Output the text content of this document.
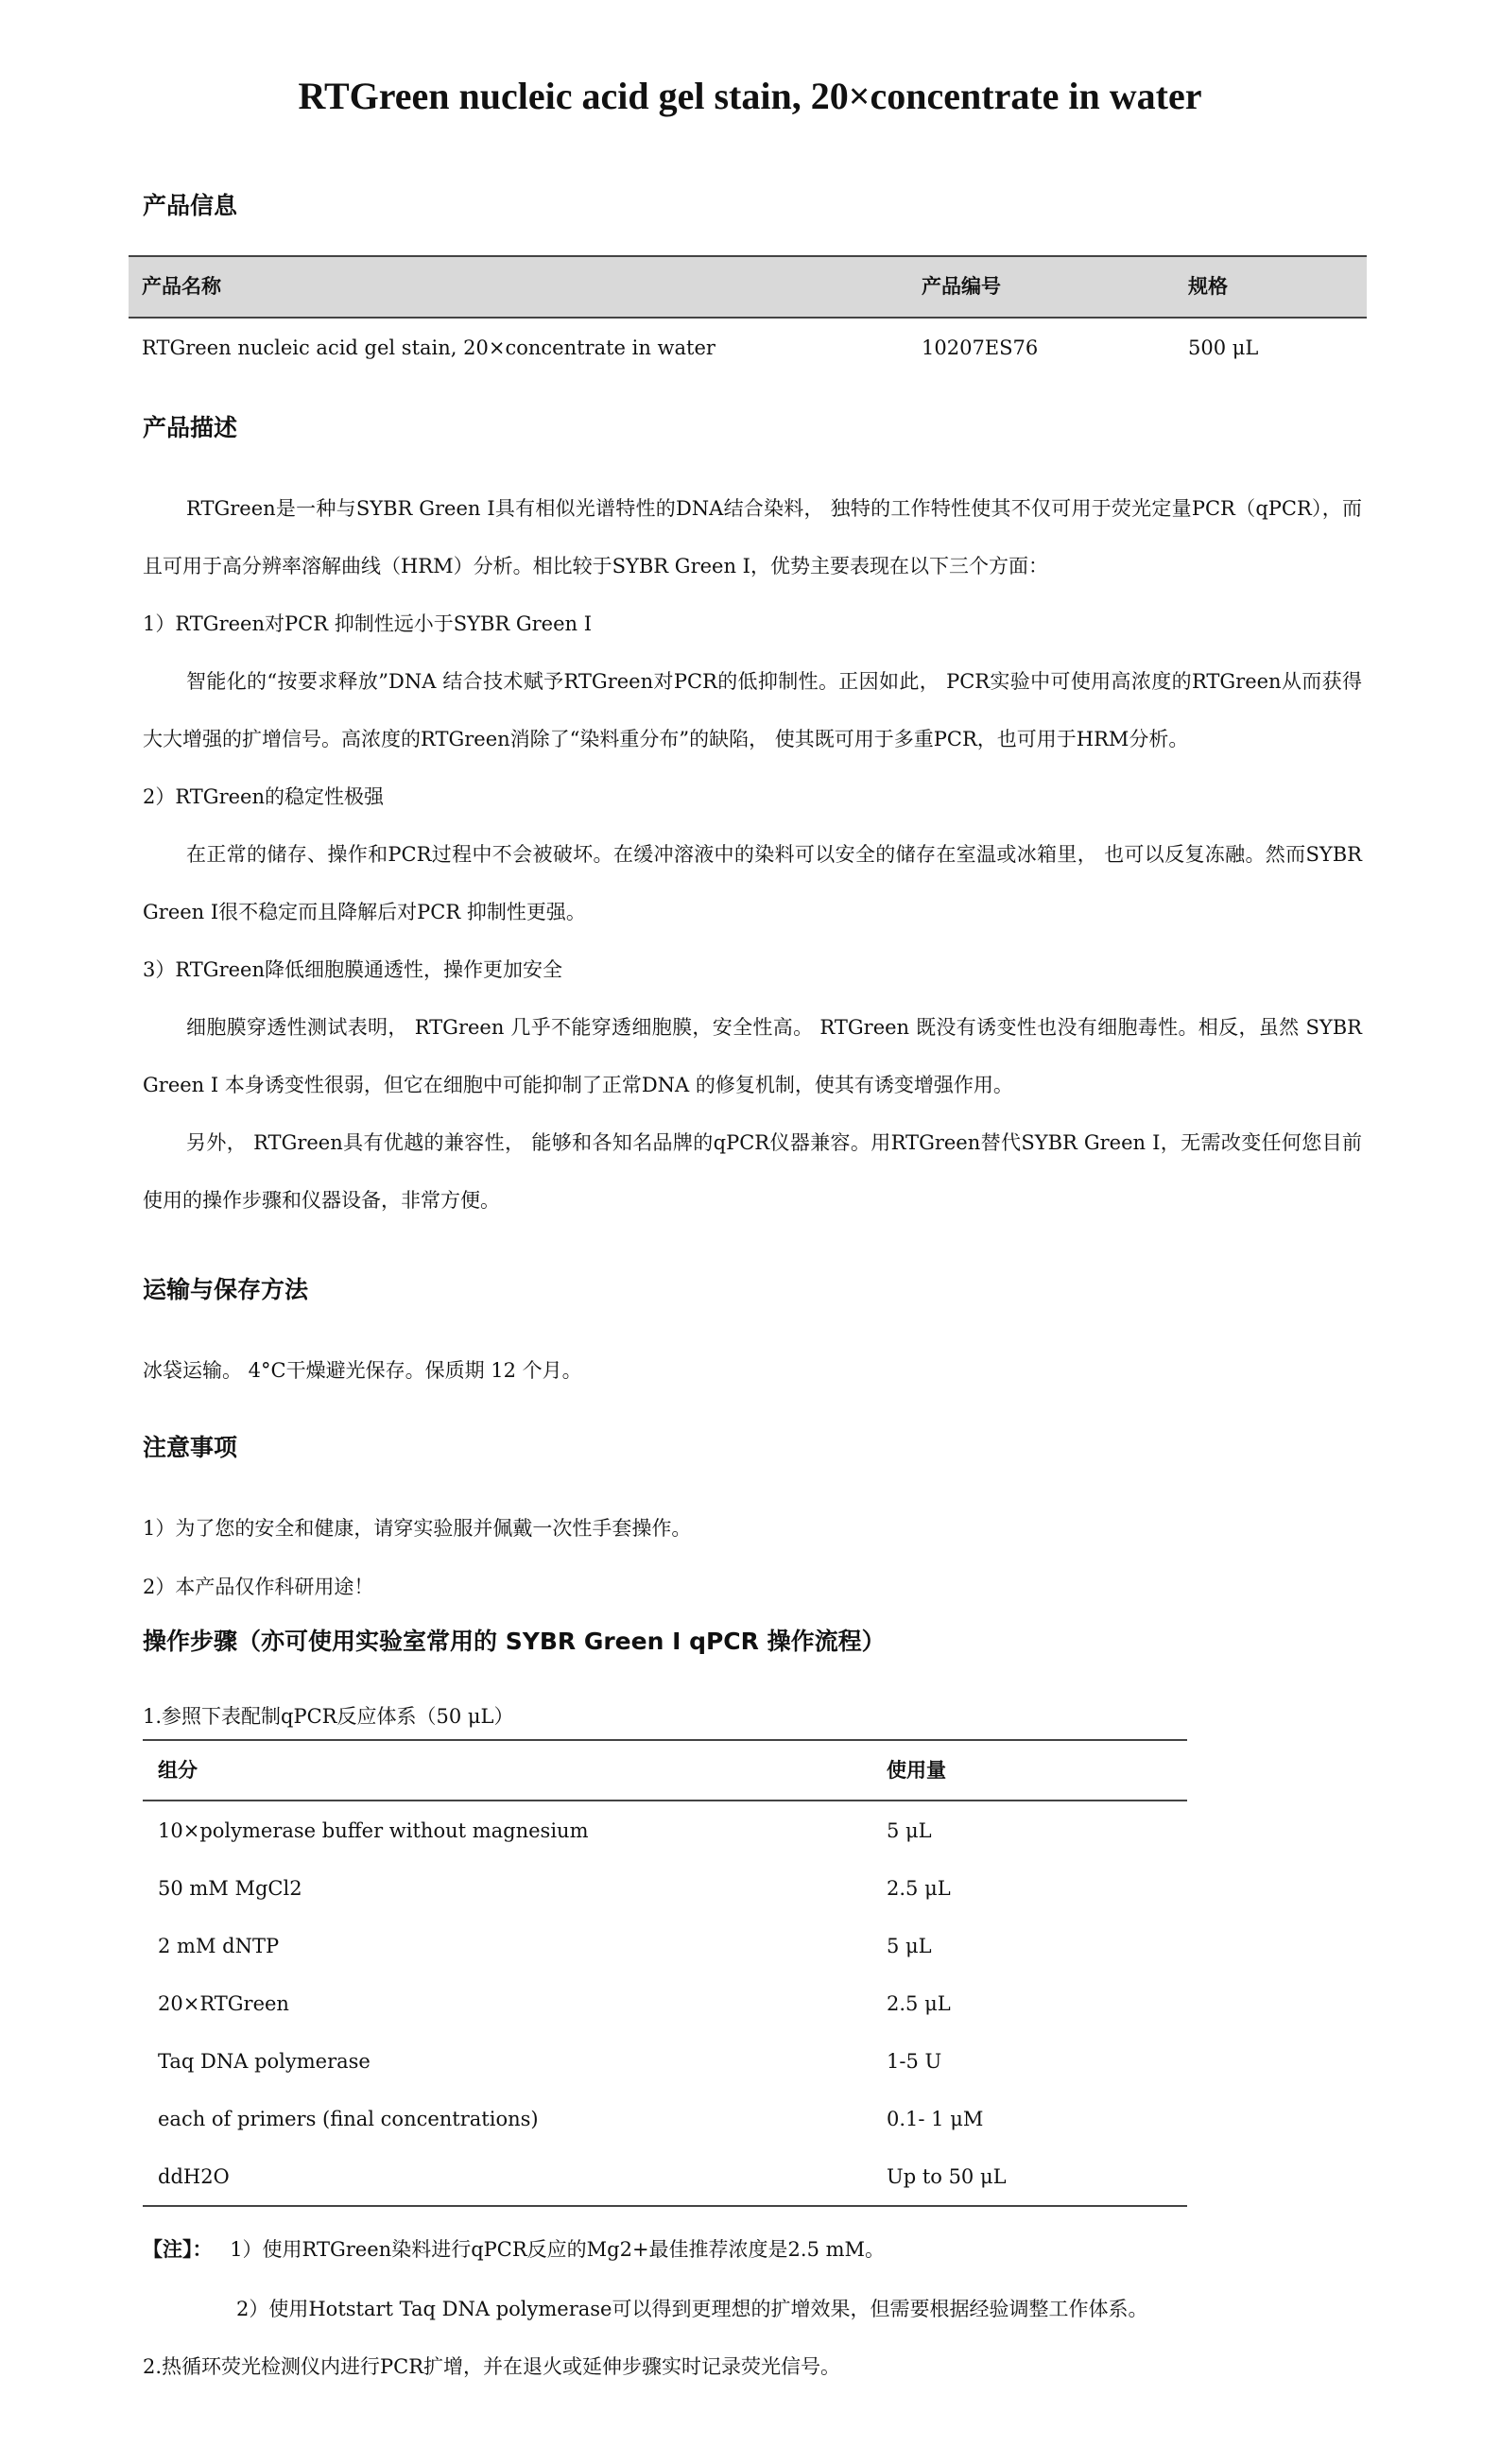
RTGreen nucleic acid gel stain, 20×concentrate in water
产品信息
产品名称	产品编号	规格
RTGreen nucleic acid gel stain, 20×concentrate in water	10207ES76	500 μL
产品描述

RTGreen是一种与SYBR Green I具有相似光谱特性的DNA结合染料， 独特的工作特性使其不仅可用于荧光定量PCR（qPCR），而且可用于高分辨率溶解曲线（HRM）分析。相比较于SYBR Green I，优势主要表现在以下三个方面：

1）RTGreen对PCR 抑制性远小于SYBR Green I

智能化的“按要求释放”DNA 结合技术赋予RTGreen对PCR的低抑制性。正因如此， PCR实验中可使用高浓度的RTGreen从而获得大大增强的扩增信号。高浓度的RTGreen消除了“染料重分布”的缺陷， 使其既可用于多重PCR，也可用于HRM分析。

2）RTGreen的稳定性极强

在正常的储存、操作和PCR过程中不会被破坏。在缓冲溶液中的染料可以安全的储存在室温或冰箱里， 也可以反复冻融。然而SYBR Green I很不稳定而且降解后对PCR 抑制性更强。

3）RTGreen降低细胞膜通透性，操作更加安全

细胞膜穿透性测试表明， RTGreen 几乎不能穿透细胞膜，安全性高。 RTGreen 既没有诱变性也没有细胞毒性。相反，虽然 SYBR Green I 本身诱变性很弱，但它在细胞中可能抑制了正常DNA 的修复机制，使其有诱变增强作用。

另外， RTGreen具有优越的兼容性， 能够和各知名品牌的qPCR仪器兼容。用RTGreen替代SYBR Green I，无需改变任何您目前使用的操作步骤和仪器设备，非常方便。

运输与保存方法
冰袋运输。 4°C干燥避光保存。保质期 12 个月。
注意事项
1）为了您的安全和健康，请穿实验服并佩戴一次性手套操作。
2）本产品仅作科研用途！
操作步骤（亦可使用实验室常用的 SYBR Green I qPCR 操作流程）
1.参照下表配制qPCR反应体系（50 μL）
组分	使用量
10×polymerase buffer without magnesium	5 μL
50 mM MgCl2	2.5 μL
2 mM dNTP	5 μL
20×RTGreen	2.5 μL
Taq DNA polymerase	1-5 U
each of primers (final concentrations)	0.1- 1 μM
ddH2O	Up to 50 μL
【注】： 1）使用RTGreen染料进行qPCR反应的Mg2+最佳推荐浓度是2.5 mM。
2）使用Hotstart Taq DNA polymerase可以得到更理想的扩增效果，但需要根据经验调整工作体系。
2.热循环荧光检测仪内进行PCR扩增，并在退火或延伸步骤实时记录荧光信号。
